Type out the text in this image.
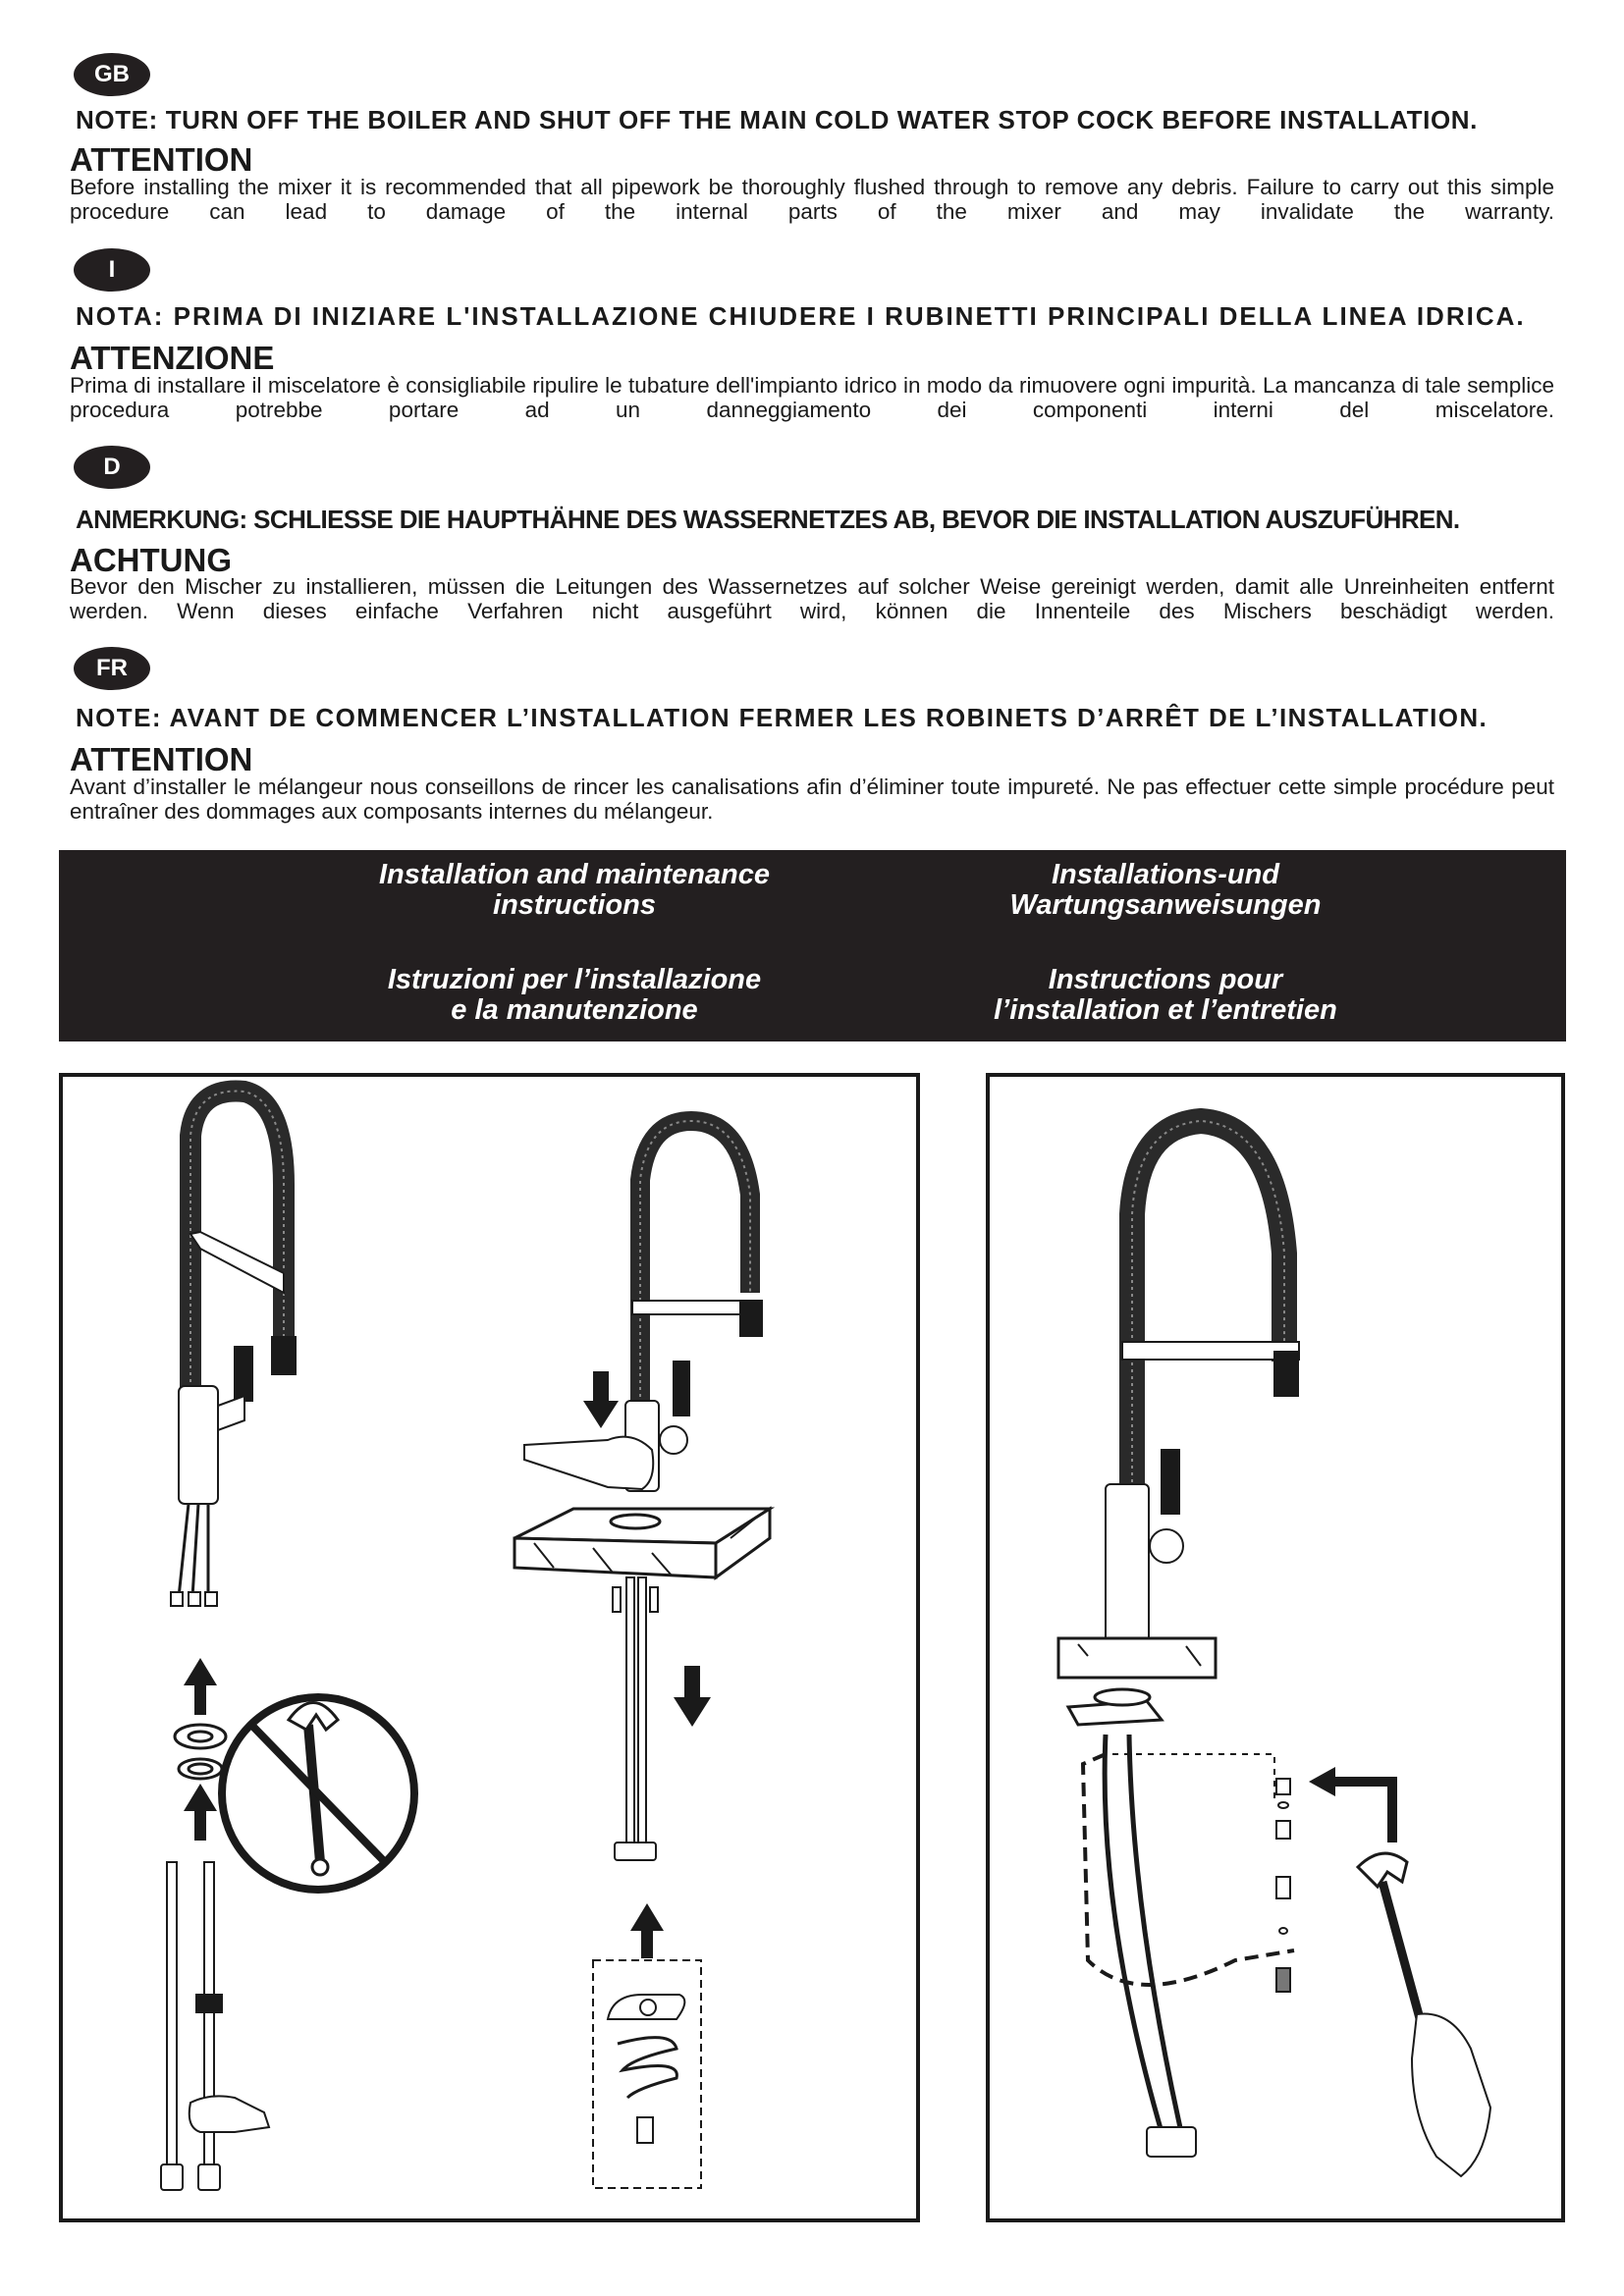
GB
NOTE: TURN OFF THE BOILER AND SHUT OFF THE MAIN COLD WATER STOP COCK BEFORE INSTALLATION.
ATTENTION
Before installing the mixer it is recommended that all pipework be thoroughly flushed through to remove any debris. Failure to carry out this simple procedure can lead to damage of the internal parts of the mixer and may invalidate the warranty.
I
NOTA: PRIMA DI INIZIARE L'INSTALLAZIONE CHIUDERE I RUBINETTI PRINCIPALI DELLA LINEA IDRICA.
ATTENZIONE
Prima di installare il miscelatore è consigliabile ripulire le tubature dell'impianto idrico in modo da rimuovere ogni impurità. La mancanza di tale semplice procedura potrebbe portare ad un danneggiamento dei componenti interni del miscelatore.
D
ANMERKUNG: SCHLIESSE DIE HAUPTHÄHNE DES WASSERNETZES AB, BEVOR DIE INSTALLATION AUSZUFÜHREN.
ACHTUNG
Bevor den Mischer zu installieren, müssen die Leitungen des Wassernetzes auf solcher Weise gereinigt werden, damit alle Unreinheiten entfernt werden. Wenn dieses einfache Verfahren nicht ausgeführt wird, können die Innenteile des Mischers beschädigt werden.
FR
NOTE: AVANT DE COMMENCER L’INSTALLATION FERMER LES ROBINETS D’ARRÊT DE L’INSTALLATION.
ATTENTION
Avant d’installer le mélangeur nous conseillons de rincer les canalisations afin d’éliminer toute impureté. Ne pas effectuer cette simple procédure peut entraîner des dommages aux composants internes du mélangeur.
Installation and maintenance
instructions
Installations-und
Wartungsanweisungen
Istruzioni per l’installazione
e la manutenzione
Instructions pour
l’installation et l’entretien
